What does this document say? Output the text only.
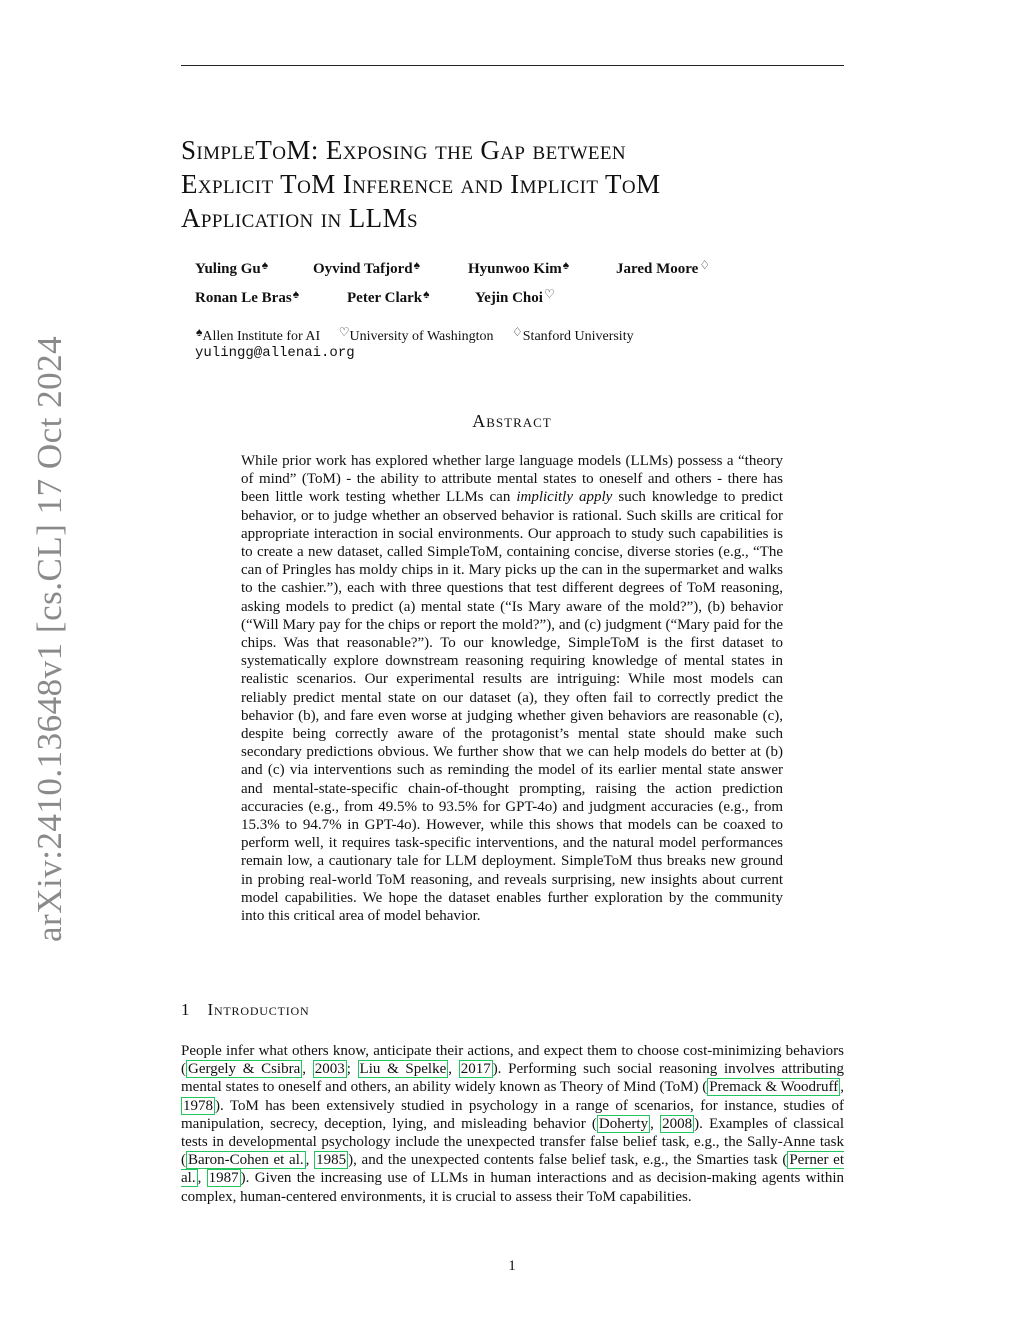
arXiv:2410.13648v1 [cs.CL] 17 Oct 2024
SimpleToM: Exposing the Gap between
Explicit ToM Inference and Implicit ToM
Application in LLMs
Yuling Gu♠	Oyvind Tafjord♠	Hyunwoo Kim♠	Jared Moore♢
Ronan Le Bras♠	Peter Clark♠	Yejin Choi♡
♠Allen Institute for AI ♡University of Washington ♢Stanford University
yulingg@allenai.org
Abstract

While prior work has explored whether large language models (LLMs) possess a “theory of mind” (ToM) - the ability to attribute mental states to oneself and others - there has been little work testing whether LLMs can implicitly apply such knowledge to predict behavior, or to judge whether an observed behavior is rational. Such skills are critical for appropriate interaction in social environments. Our approach to study such capabilities is to create a new dataset, called SimpleToM, containing concise, diverse stories (e.g., “The can of Pringles has moldy chips in it. Mary picks up the can in the supermarket and walks to the cashier.”), each with three questions that test different degrees of ToM reasoning, asking models to predict (a) mental state (“Is Mary aware of the mold?”), (b) behavior (“Will Mary pay for the chips or report the mold?”), and (c) judgment (“Mary paid for the chips. Was that reasonable?”). To our knowledge, SimpleToM is the first dataset to systematically explore downstream reasoning requiring knowledge of mental states in realistic scenarios. Our experimental results are intriguing: While most models can reliably predict mental state on our dataset (a), they often fail to correctly predict the behavior (b), and fare even worse at judging whether given behaviors are reasonable (c), despite being correctly aware of the protagonist’s mental state should make such secondary predictions obvious. We further show that we can help models do better at (b) and (c) via interventions such as reminding the model of its earlier mental state answer and mental-state-specific chain-of-thought prompting, raising the action prediction accuracies (e.g., from 49.5% to 93.5% for GPT-4o) and judgment accuracies (e.g., from 15.3% to 94.7% in GPT-4o). However, while this shows that models can be coaxed to perform well, it requires task-specific interventions, and the natural model performances remain low, a cautionary tale for LLM deployment. SimpleToM thus breaks new ground in probing real-world ToM reasoning, and reveals surprising, new insights about current model capabilities. We hope the dataset enables further exploration by the community into this critical area of model behavior.

1 Introduction

People infer what others know, anticipate their actions, and expect them to choose cost-minimizing behaviors ( Gergely & Csibra , 2003 ; Liu & Spelke , 2017 ). Performing such social reasoning involves attributing mental states to oneself and others, an ability widely known as Theory of Mind (ToM) ( Premack & Woodruff , 1978 ). ToM has been extensively studied in psychology in a range of scenarios, for instance, studies of manipulation, secrecy, deception, lying, and misleading behavior ( Doherty , 2008 ). Examples of classical tests in developmental psychology include the unexpected transfer false belief task, e.g., the Sally-Anne task ( Baron-Cohen et al. , 1985 ), and the unexpected contents false belief task, e.g., the Smarties task ( Perner et al. , 1987 ). Given the increasing use of LLMs in human interactions and as decision-making agents within complex, human-centered environments, it is crucial to assess their ToM capabilities.

1
